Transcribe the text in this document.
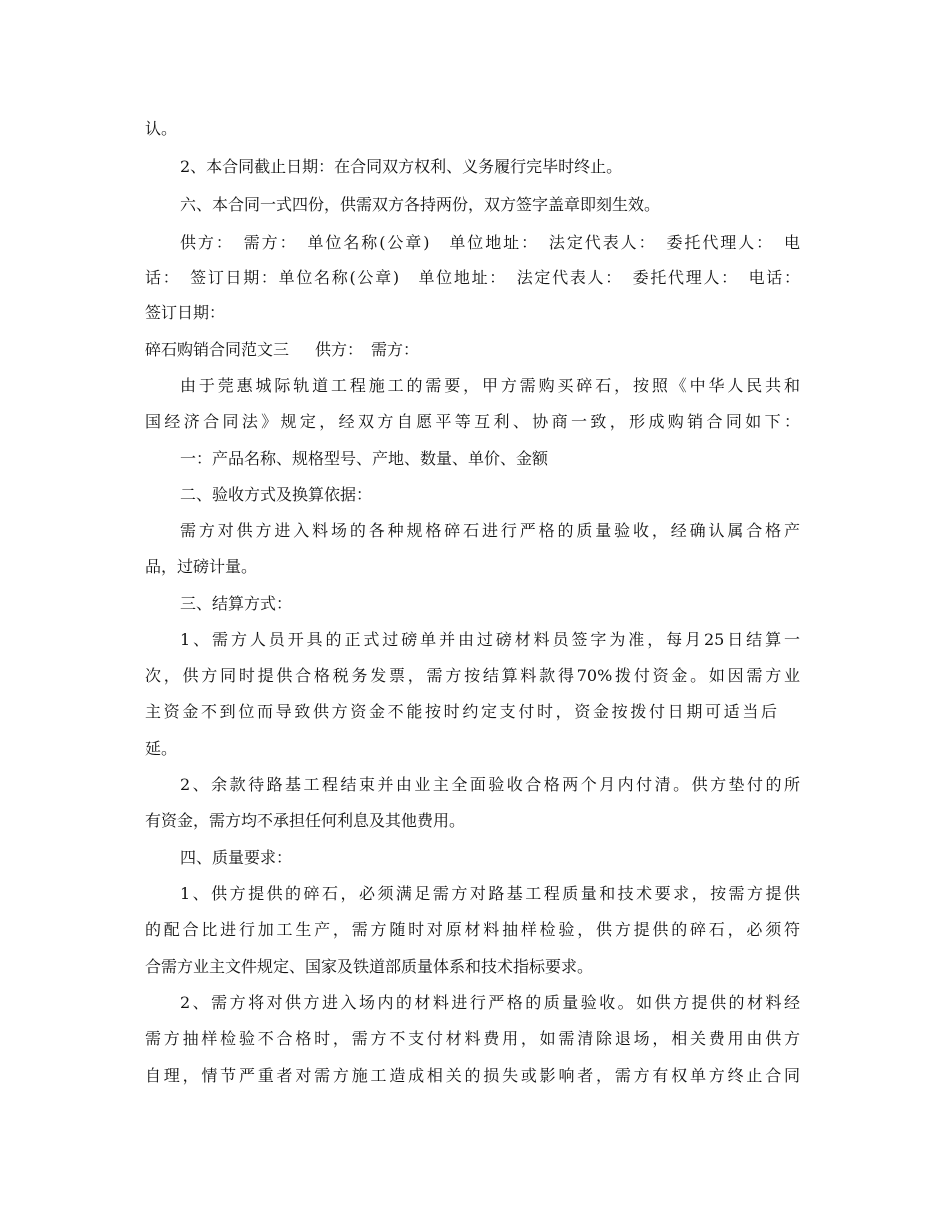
认。
2、本合同截止日期：在合同双方权利、义务履行完毕时终止。
六、本合同一式四份，供需双方各持两份，双方签字盖章即刻生效。
供方：　需方：　单位名称(公章)　单位地址：　法定代表人：　委托代理人：　电
话：　签订日期：单位名称(公章)　单位地址：　法定代表人：　委托代理人：　电话：
签订日期：
碎石购销合同范文三 供方：　需方：
由于莞惠城际轨道工程施工的需要，甲方需购买碎石，按照《中华人民共和
国经济合同法》规定，经双方自愿平等互利、协商一致，形成购销合同如下：
一：产品名称、规格型号、产地、数量、单价、金额
二、验收方式及换算依据：
需方对供方进入料场的各种规格碎石进行严格的质量验收，经确认属合格产
品，过磅计量。
三、结算方式：
1、需方人员开具的正式过磅单并由过磅材料员签字为准，每月25日结算一
次，供方同时提供合格税务发票，需方按结算料款得70%拨付资金。如因需方业
主资金不到位而导致供方资金不能按时约定支付时，资金按拨付日期可适当后
延。
2、余款待路基工程结束并由业主全面验收合格两个月内付清。供方垫付的所
有资金，需方均不承担任何利息及其他费用。
四、质量要求：
1、供方提供的碎石，必须满足需方对路基工程质量和技术要求，按需方提供
的配合比进行加工生产，需方随时对原材料抽样检验，供方提供的碎石，必须符
合需方业主文件规定、国家及铁道部质量体系和技术指标要求。
2、需方将对供方进入场内的材料进行严格的质量验收。如供方提供的材料经
需方抽样检验不合格时，需方不支付材料费用，如需清除退场，相关费用由供方
自理，情节严重者对需方施工造成相关的损失或影响者，需方有权单方终止合同
